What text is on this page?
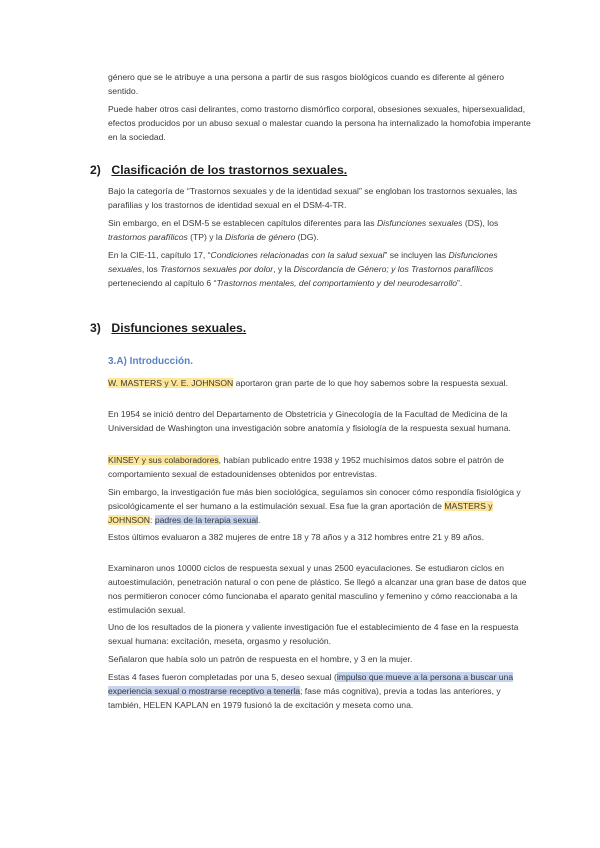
género que se le atribuye a una persona a partir de sus rasgos biológicos cuando es diferente al género sentido.

Puede haber otros casi delirantes, como trastorno dismórfico corporal, obsesiones sexuales, hipersexualidad, efectos producidos por un abuso sexual o malestar cuando la persona ha internalizado la homofobia imperante en la sociedad.

2) Clasificación de los trastornos sexuales.

Bajo la categoría de “Trastornos sexuales y de la identidad sexual” se engloban los trastornos sexuales, las parafilias y los trastornos de identidad sexual en el DSM-4-TR.

Sin embargo, en el DSM-5 se establecen capítulos diferentes para las Disfunciones sexuales (DS), los trastornos parafílicos (TP) y la Disforia de género (DG).

En la CIE-11, capítulo 17, “Condiciones relacionadas con la salud sexual” se incluyen las Disfunciones sexuales, los Trastornos sexuales por dolor, y la Discordancia de Género; y los Trastornos parafílicos perteneciendo al capítulo 6 “Trastornos mentales, del comportamiento y del neurodesarrollo”.

3) Disfunciones sexuales.
3.A) Introducción.

W. MASTERS y V. E. JOHNSON aportaron gran parte de lo que hoy sabemos sobre la respuesta sexual.

En 1954 se inició dentro del Departamento de Obstetricia y Ginecología de la Facultad de Medicina de la Universidad de Washington una investigación sobre anatomía y fisiología de la respuesta sexual humana.

KINSEY y sus colaboradores, habían publicado entre 1938 y 1952 muchísimos datos sobre el patrón de comportamiento sexual de estadounidenses obtenidos por entrevistas.

Sin embargo, la investigación fue más bien sociológica, seguíamos sin conocer cómo respondía fisiológica y psicológicamente el ser humano a la estimulación sexual. Esa fue la gran aportación de MASTERS y JOHNSON: padres de la terapia sexual.

Estos últimos evaluaron a 382 mujeres de entre 18 y 78 años y a 312 hombres entre 21 y 89 años.

Examinaron unos 10000 ciclos de respuesta sexual y unas 2500 eyaculaciones. Se estudiaron ciclos en autoestimulación, penetración natural o con pene de plástico. Se llegó a alcanzar una gran base de datos que nos permitieron conocer cómo funcionaba el aparato genital masculino y femenino y cómo reaccionaba a la estimulación sexual.

Uno de los resultados de la pionera y valiente investigación fue el establecimiento de 4 fase en la respuesta sexual humana: excitación, meseta, orgasmo y resolución.

Señalaron que había solo un patrón de respuesta en el hombre, y 3 en la mujer.

Estas 4 fases fueron completadas por una 5, deseo sexual (impulso que mueve a la persona a buscar una experiencia sexual o mostrarse receptivo a tenerla; fase más cognitiva), previa a todas las anteriores, y también, HELEN KAPLAN en 1979 fusionó la de excitación y meseta como una.
